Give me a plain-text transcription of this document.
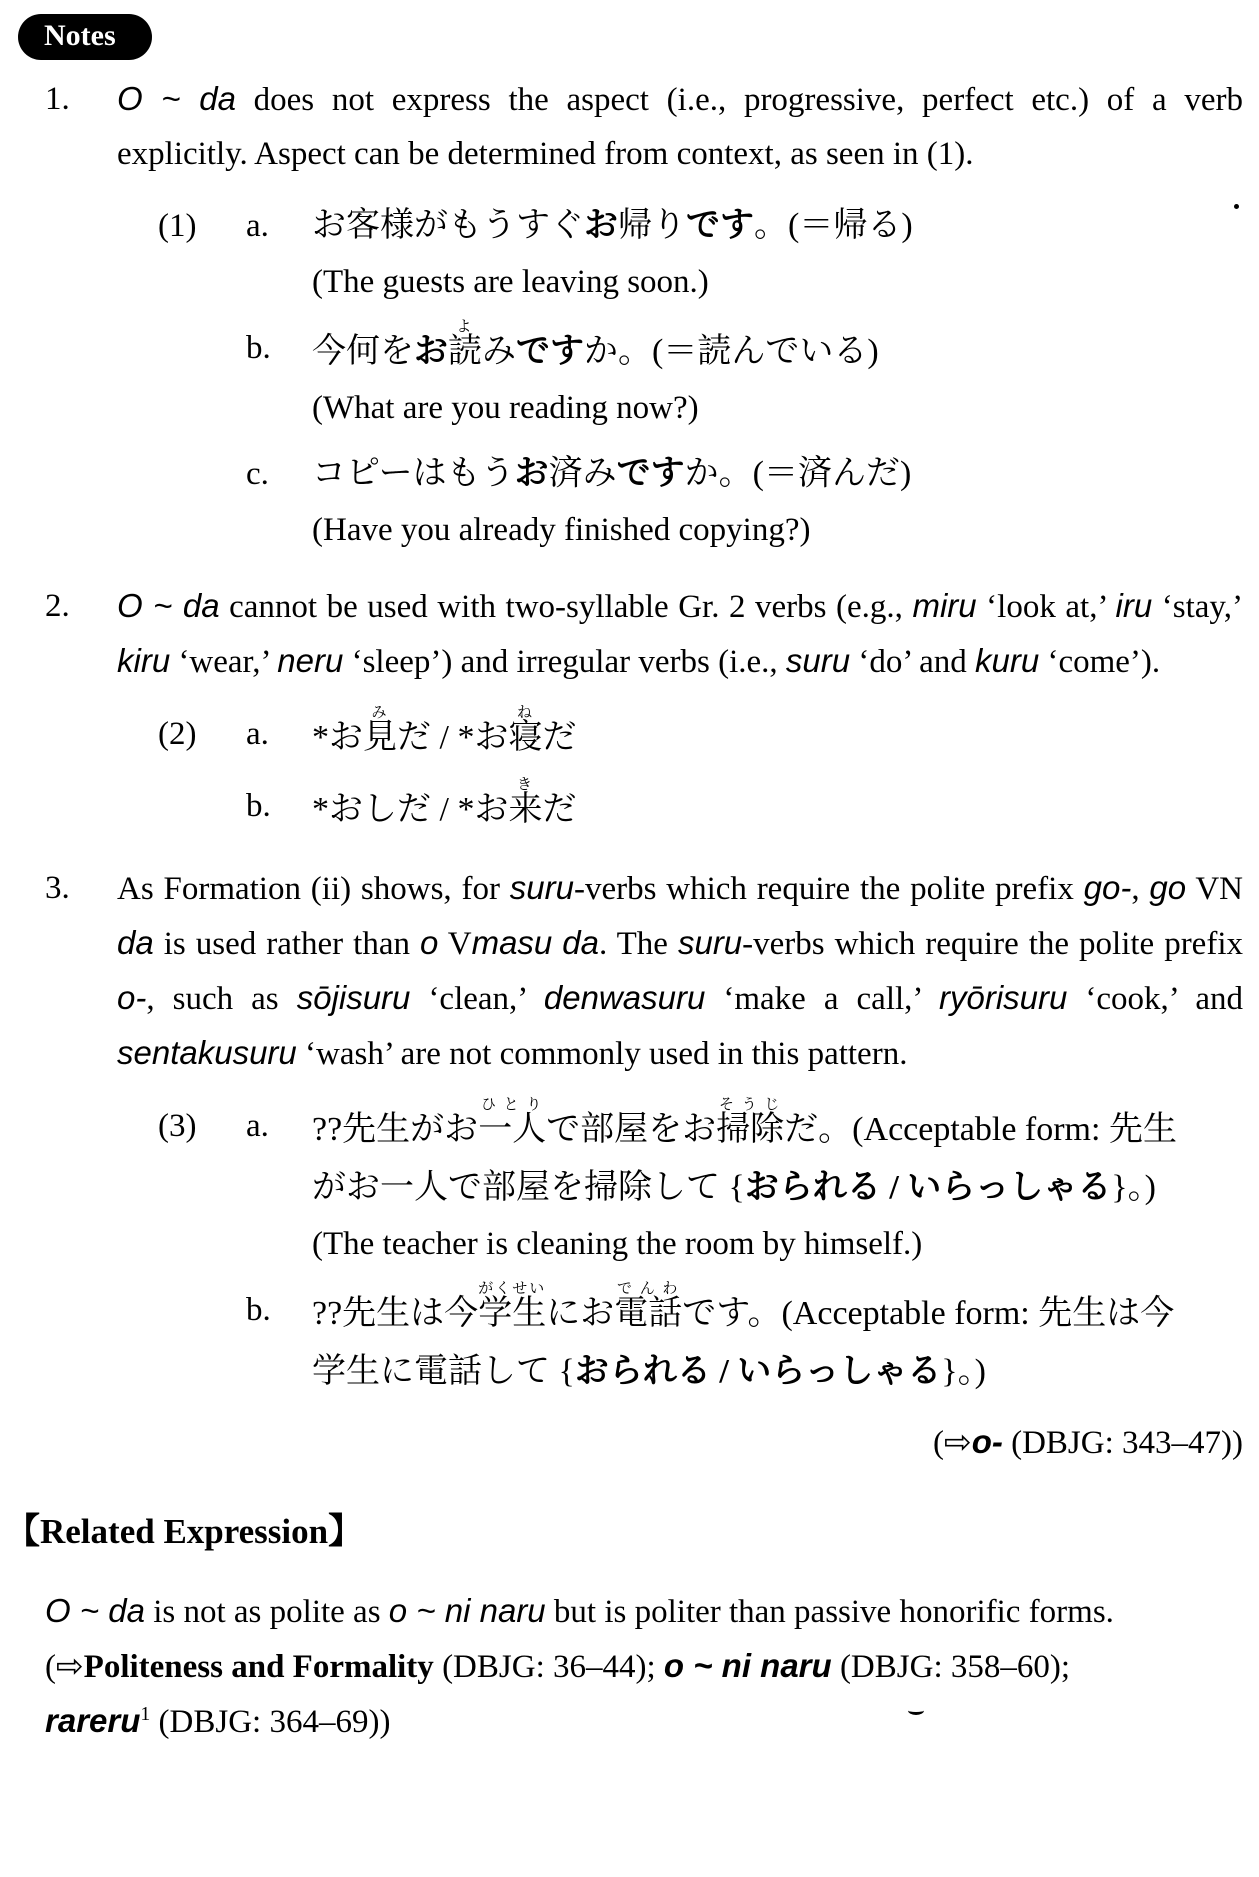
Notes
1.	O ~ da does not express the aspect (i.e., progressive, perfect etc.) of a verb explicitly. Aspect can be determined from context, as seen in (1).

(1)	a.	お客様がもうすぐお帰りです。(＝帰る)

(The guests are leaving soon.)

b.	今何をお読よみですか。(＝読んでいる)

(What are you reading now?)

c.	コピーはもうお済みですか。(＝済んだ)

(Have you already finished copying?)

2.	O ~ da cannot be used with two-syllable Gr. 2 verbs (e.g., miru ‘look at,’ iru ‘stay,’ kiru ‘wear,’ neru ‘sleep’) and irregular verbs (i.e., suru ‘do’ and kuru ‘come’).

(2)	a.	*お見みだ / *お寝ねだ

b.	*おしだ / *お来きだ

3.	As Formation (ii) shows, for suru-verbs which require the polite prefix go-, go VN da is used rather than o Vmasu da. The suru-verbs which require the polite prefix o-, such as sōjisuru ‘clean,’ denwasuru ‘make a call,’ ryōrisuru ‘cook,’ and sentakusuru ‘wash’ are not commonly used in this pattern.

(3)	a.	??先生がお一人ひとりで部屋をお掃除そうじだ。(Acceptable form: 先生

がお一人で部屋を掃除して {おられる / いらっしゃる}。)

(The teacher is cleaning the room by himself.)

b.	??先生は今学生がくせいにお電話でんわです。(Acceptable form: 先生は今

学生に電話して {おられる / いらっしゃる}。)

(⇨o- (DBJG: 343–47))

【Related Expression】

O ~ da is not as polite as o ~ ni naru but is politer than passive honorific forms.

(⇨Politeness and Formality (DBJG: 36–44); o ~ ni naru (DBJG: 358–60);

rareru$^1$ (DBJG: 364–69))
